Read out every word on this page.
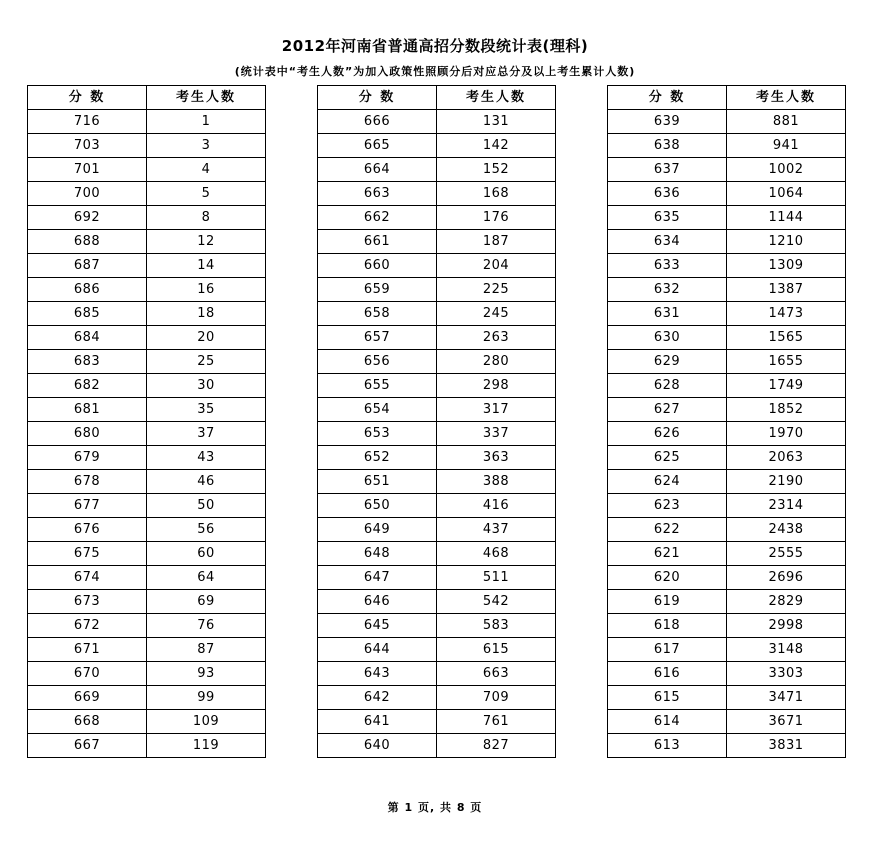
2012年河南省普通高招分数段统计表(理科)
(统计表中“考生人数”为加入政策性照顾分后对应总分及以上考生累计人数)
分 数	考生人数
716	1
703	3
701	4
700	5
692	8
688	12
687	14
686	16
685	18
684	20
683	25
682	30
681	35
680	37
679	43
678	46
677	50
676	56
675	60
674	64
673	69
672	76
671	87
670	93
669	99
668	109
667	119
分 数	考生人数
666	131
665	142
664	152
663	168
662	176
661	187
660	204
659	225
658	245
657	263
656	280
655	298
654	317
653	337
652	363
651	388
650	416
649	437
648	468
647	511
646	542
645	583
644	615
643	663
642	709
641	761
640	827
分 数	考生人数
639	881
638	941
637	1002
636	1064
635	1144
634	1210
633	1309
632	1387
631	1473
630	1565
629	1655
628	1749
627	1852
626	1970
625	2063
624	2190
623	2314
622	2438
621	2555
620	2696
619	2829
618	2998
617	3148
616	3303
615	3471
614	3671
613	3831
第 1 页, 共 8 页
